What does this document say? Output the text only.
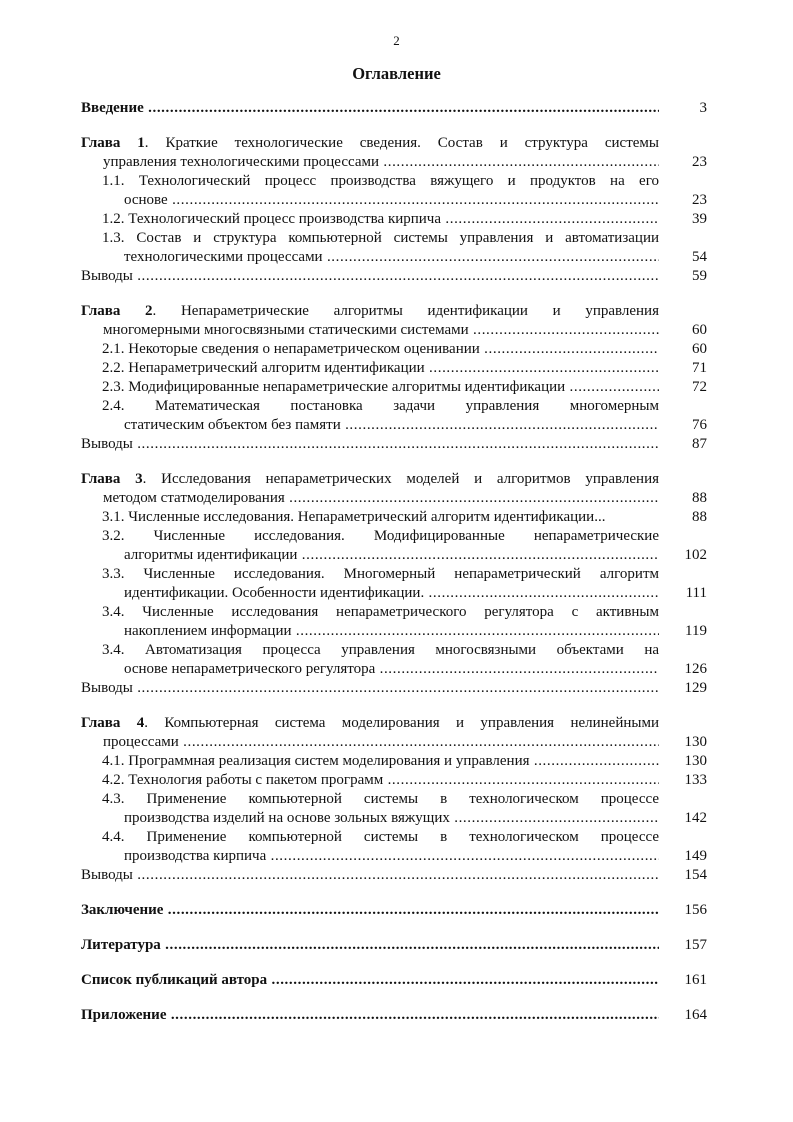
2
Оглавление
Введение .....	3
Глава 1. Краткие технологические сведения. Состав и структура системы
управления технологическими процессами .....	23
1.1. Технологический процесс производства вяжущего и продуктов на его
основе .....	23
1.2. Технологический процесс производства кирпича .....	39
1.3. Состав и структура компьютерной системы управления и автоматизации
технологическими процессами .....	54
Выводы .....	59
Глава 2. Непараметрические алгоритмы идентификации и управления
многомерными многосвязными статическими системами .....	60
2.1. Некоторые сведения о непараметрическом оценивании .....	60
2.2. Непараметрический алгоритм идентификации .....	71
2.3. Модифицированные непараметрические алгоритмы идентификации .....	72
2.4. Математическая постановка задачи управления многомерным
статическим объектом без памяти .....	76
Выводы .....	87
Глава 3. Исследования непараметрических моделей и алгоритмов управления
методом статмоделирования .....	88
3.1. Численные исследования. Непараметрический алгоритм идентификации...	88
3.2. Численные исследования. Модифицированные непараметрические
алгоритмы идентификации .....	102
3.3. Численные исследования. Многомерный непараметрический алгоритм
идентификации. Особенности идентификации. .....	111
3.4. Численные исследования непараметрического регулятора с активным
накоплением информации .....	119
3.4. Автоматизация процесса управления многосвязными объектами на
основе непараметрического регулятора .....	126
Выводы .....	129
Глава 4. Компьютерная система моделирования и управления нелинейными
процессами .....	130
4.1. Программная реализация систем моделирования и управления .....	130
4.2. Технология работы с пакетом программ .....	133
4.3. Применение компьютерной системы в технологическом процессе
производства изделий на основе зольных вяжущих .....	142
4.4. Применение компьютерной системы в технологическом процессе
производства кирпича .....	149
Выводы .....	154
Заключение .....	156
Литература .....	157
Список публикаций автора .....	161
Приложение .....	164
